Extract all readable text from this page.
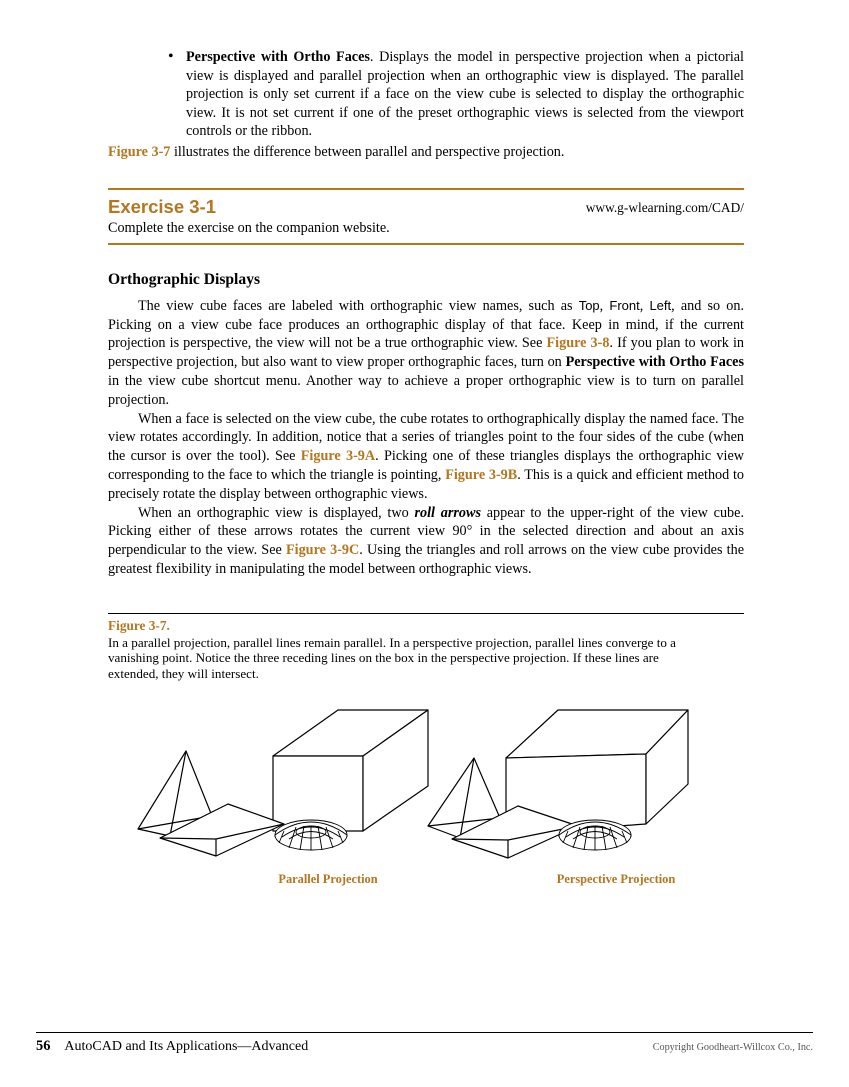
• Perspective with Ortho Faces. Displays the model in perspective projection when a pictorial view is displayed and parallel projection when an orthographic view is displayed. The parallel projection is only set current if a face on the view cube is selected to display the orthographic view. It is not set current if one of the preset orthographic views is selected from the viewport controls or the ribbon.

Figure 3-7 illustrates the difference between parallel and perspective projection.

Exercise 3-1	www.g-wlearning.com/CAD/
Complete the exercise on the companion website.
Orthographic Displays

The view cube faces are labeled with orthographic view names, such as Top, Front, Left, and so on. Picking on a view cube face produces an orthographic display of that face. Keep in mind, if the current projection is perspective, the view will not be a true orthographic view. See Figure 3-8. If you plan to work in perspective projection, but also want to view proper orthographic faces, turn on Perspective with Ortho Faces in the view cube shortcut menu. Another way to achieve a proper orthographic view is to turn on parallel projection.

When a face is selected on the view cube, the cube rotates to orthographically display the named face. The view rotates accordingly. In addition, notice that a series of triangles point to the four sides of the cube (when the cursor is over the tool). See Figure 3-9A. Picking one of these triangles displays the orthographic view corresponding to the face to which the triangle is pointing, Figure 3-9B. This is a quick and efficient method to precisely rotate the display between orthographic views.

When an orthographic view is displayed, two roll arrows appear to the upper-right of the view cube. Picking either of these arrows rotates the current view 90° in the selected direction and about an axis perpendicular to the view. See Figure 3-9C. Using the triangles and roll arrows on the view cube provides the greatest flexibility in manipulating the model between orthographic views.

Figure 3-7.
In a parallel projection, parallel lines remain parallel. In a perspective projection, parallel lines converge to a vanishing point. Notice the three receding lines on the box in the perspective projection. If these lines are extended, they will intersect.
Parallel Projection	Perspective Projection
56 AutoCAD and Its Applications—Advanced	Copyright Goodheart-Willcox Co., Inc.
